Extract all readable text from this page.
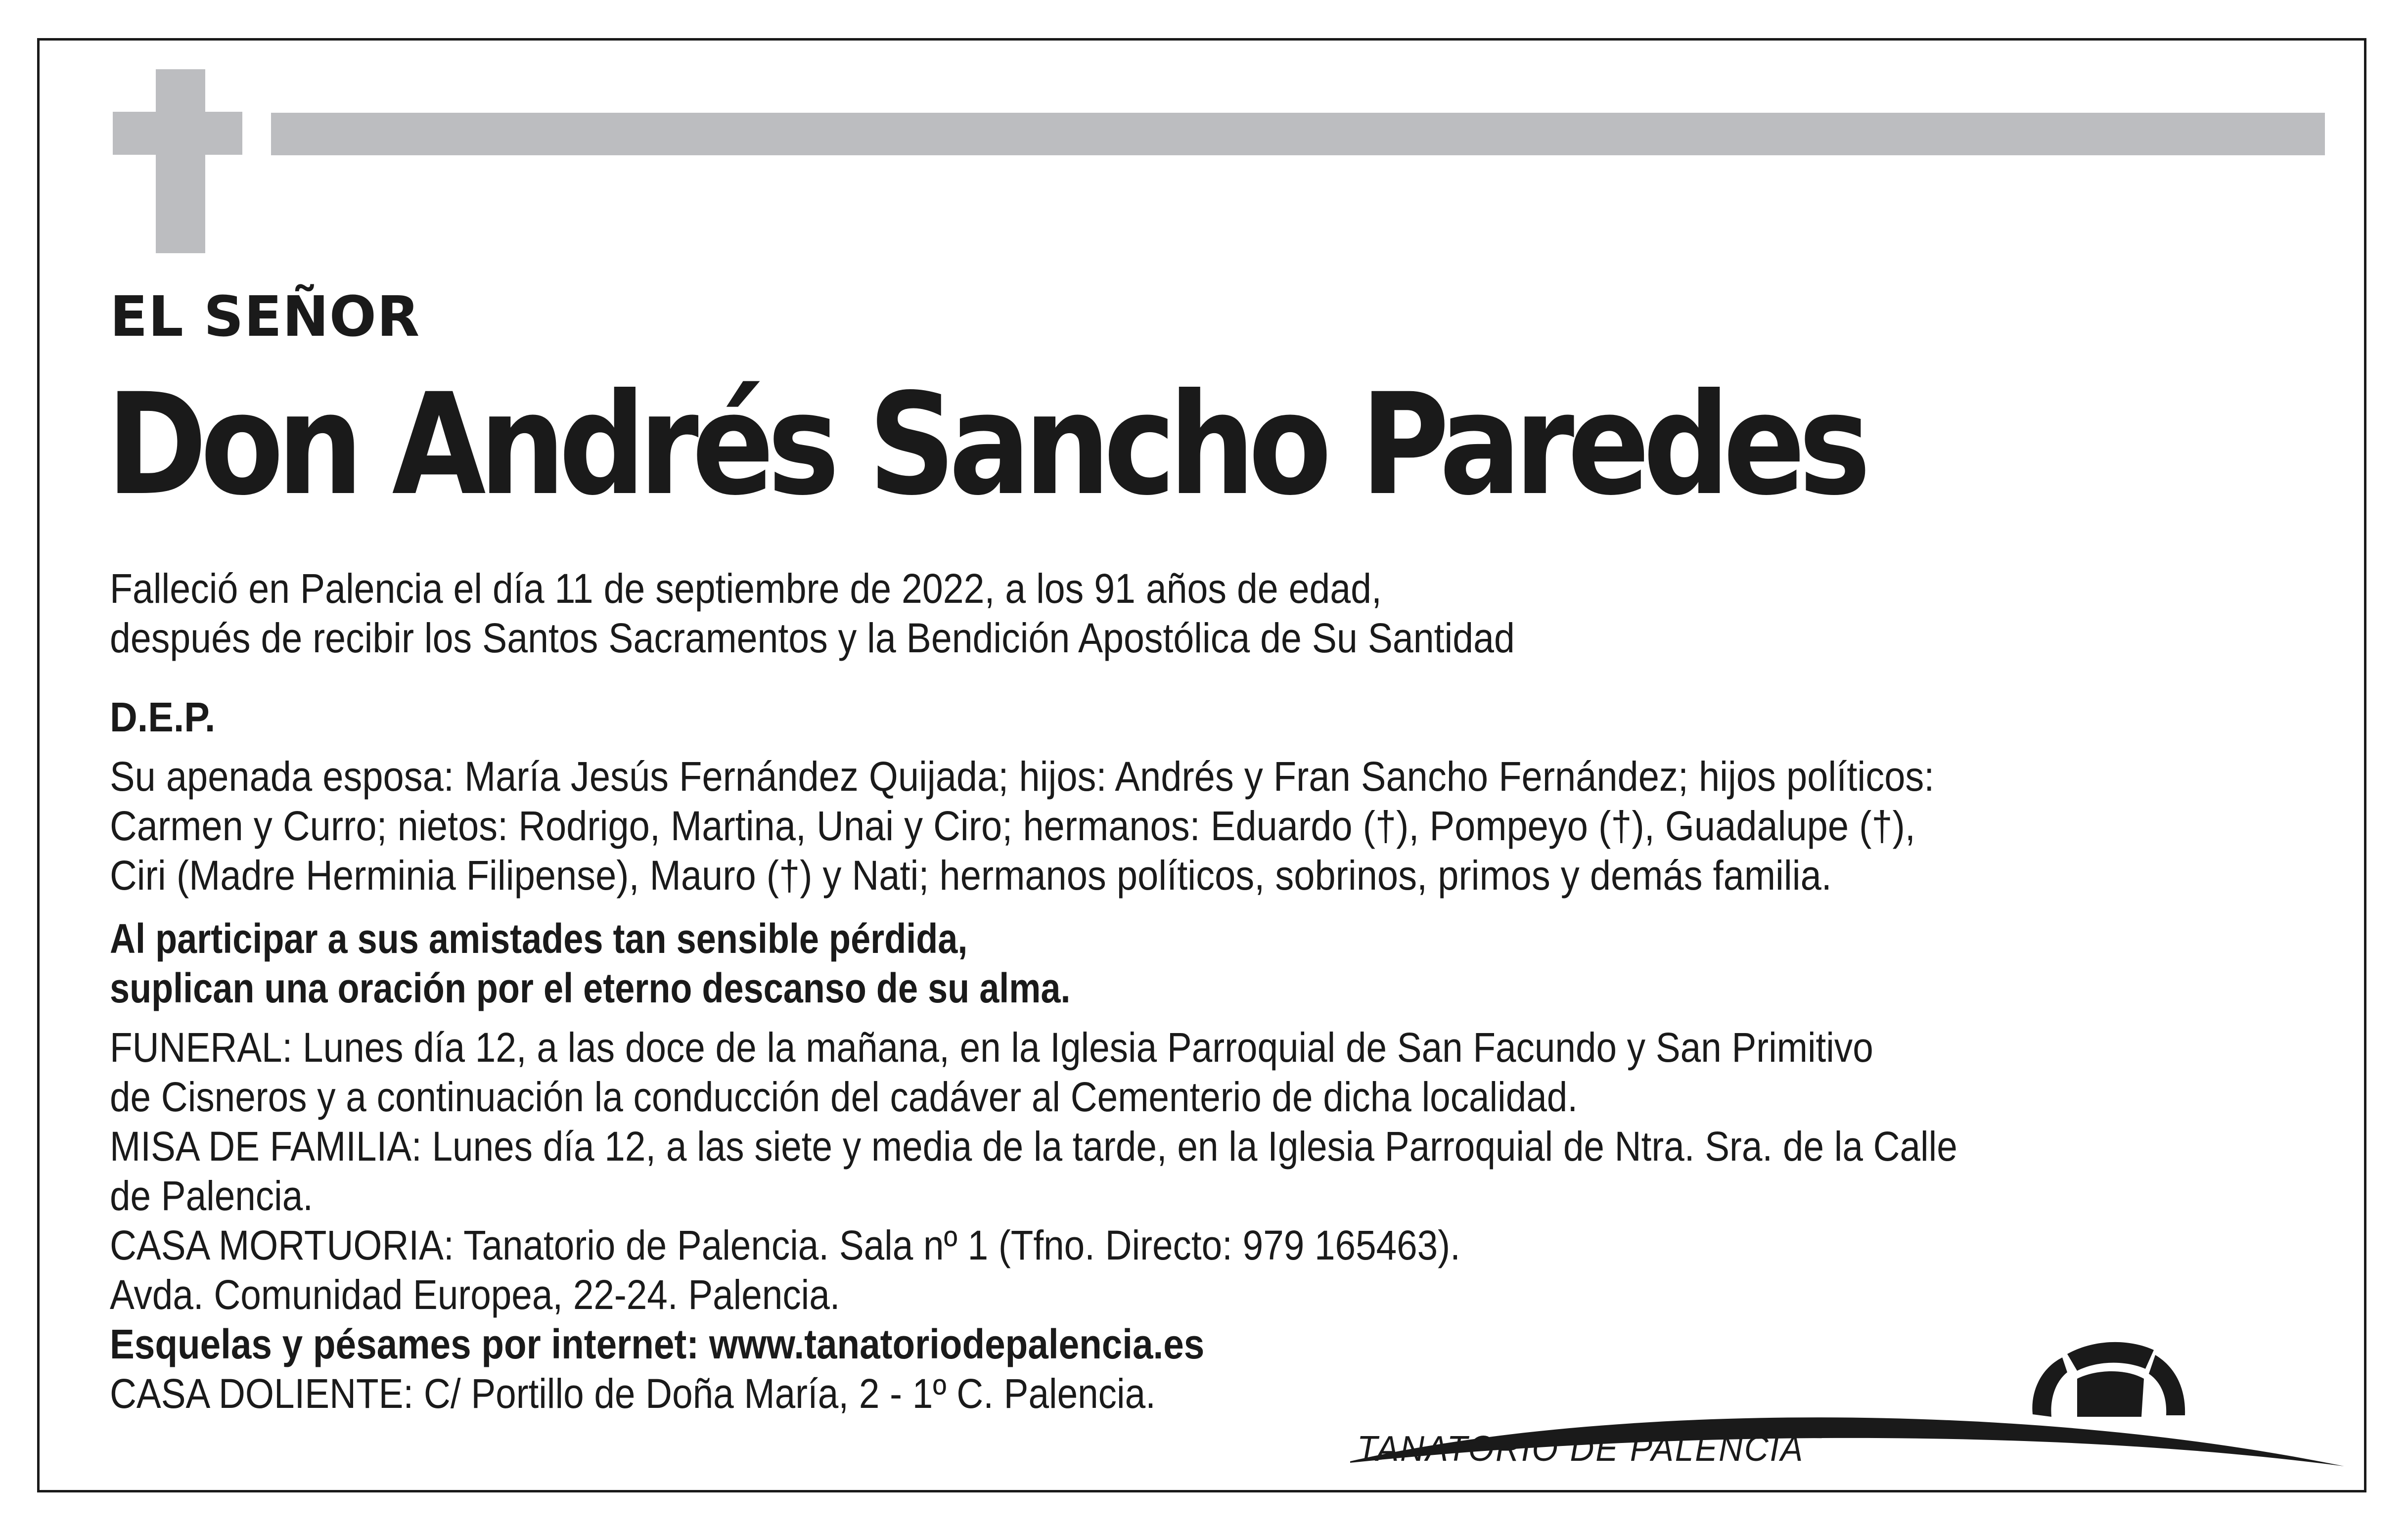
EL SEÑOR
Don Andrés Sancho Paredes
Falleció en Palencia el día 11 de septiembre de 2022, a los 91 años de edad,
después de recibir los Santos Sacramentos y la Bendición Apostólica de Su Santidad
D.E.P.
Su apenada esposa: María Jesús Fernández Quijada; hijos: Andrés y Fran Sancho Fernández; hijos políticos:
Carmen y Curro; nietos: Rodrigo, Martina, Unai y Ciro; hermanos: Eduardo (†), Pompeyo (†), Guadalupe (†),
Ciri (Madre Herminia Filipense), Mauro (†) y Nati; hermanos políticos, sobrinos, primos y demás familia.
Al participar a sus amistades tan sensible pérdida,
suplican una oración por el eterno descanso de su alma.
FUNERAL: Lunes día 12, a las doce de la mañana, en la Iglesia Parroquial de San Facundo y San Primitivo
de Cisneros y a continuación la conducción del cadáver al Cementerio de dicha localidad.
MISA DE FAMILIA: Lunes día 12, a las siete y media de la tarde, en la Iglesia Parroquial de Ntra. Sra. de la Calle
de Palencia.
CASA MORTUORIA: Tanatorio de Palencia. Sala nº 1 (Tfno. Directo: 979 165463).
Avda. Comunidad Europea, 22-24. Palencia.
Esquelas y pésames por internet: www.tanatoriodepalencia.es
CASA DOLIENTE: C/ Portillo de Doña María, 2 - 1º C. Palencia.
TANATORIO DE PALENCIA
